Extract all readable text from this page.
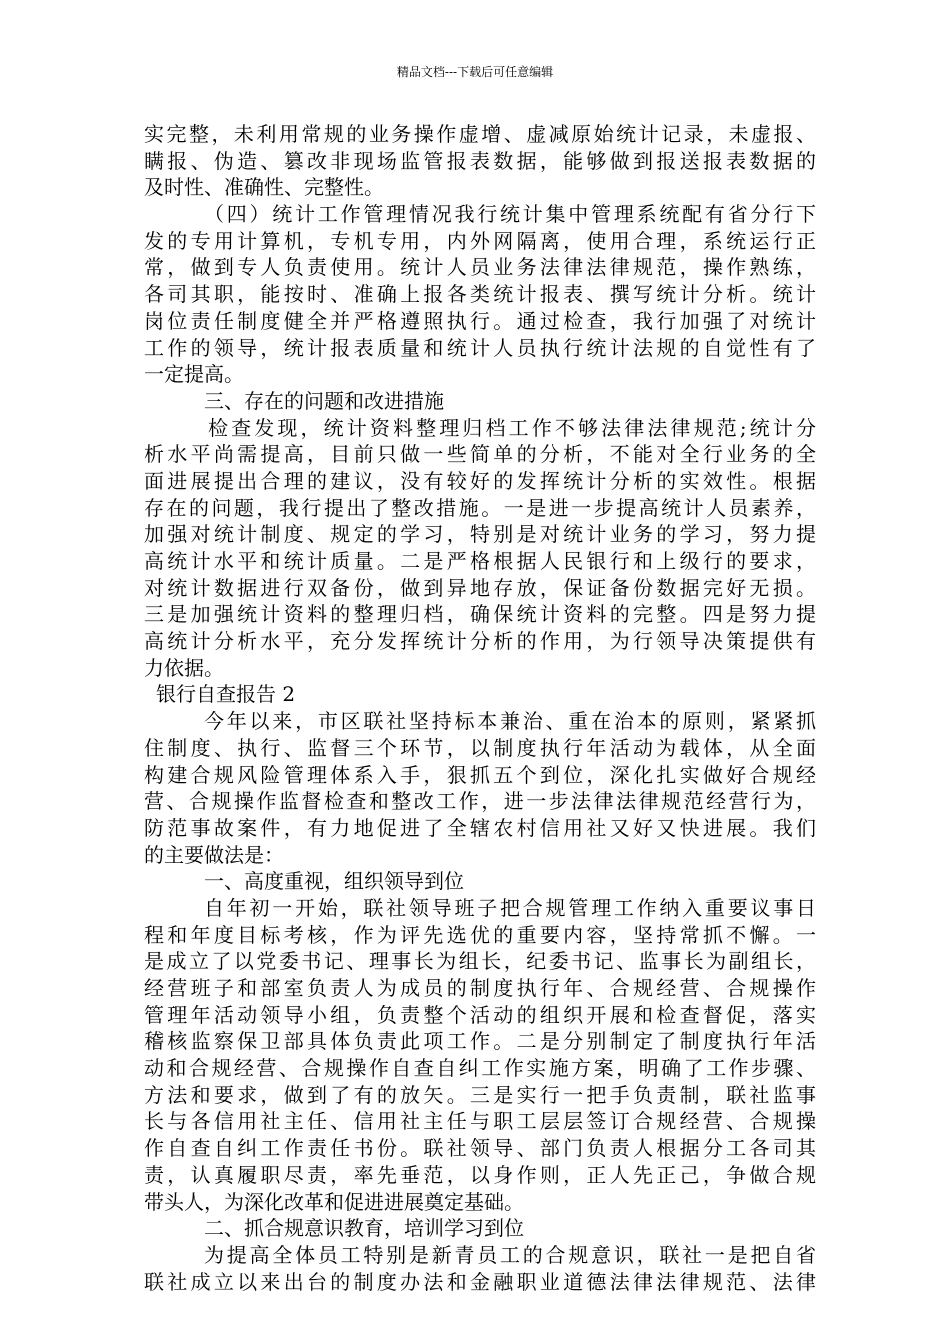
精品文档---下载后可任意编辑
实完整，未利用常规的业务操作虚增、虚减原始统计记录，未虚报、
瞒报、伪造、篡改非现场监管报表数据，能够做到报送报表数据的
及时性、准确性、完整性。
（四）统计工作管理情况我行统计集中管理系统配有省分行下
发的专用计算机，专机专用，内外网隔离，使用合理，系统运行正
常，做到专人负责使用。统计人员业务法律法律规范，操作熟练，
各司其职，能按时、准确上报各类统计报表、撰写统计分析。统计
岗位责任制度健全并严格遵照执行。通过检查，我行加强了对统计
工作的领导，统计报表质量和统计人员执行统计法规的自觉性有了
一定提高。
三、存在的问题和改进措施
检查发现，统计资料整理归档工作不够法律法律规范;统计分
析水平尚需提高，目前只做一些简单的分析，不能对全行业务的全
面进展提出合理的建议，没有较好的发挥统计分析的实效性。根据
存在的问题，我行提出了整改措施。一是进一步提高统计人员素养，
加强对统计制度、规定的学习，特别是对统计业务的学习，努力提
高统计水平和统计质量。二是严格根据人民银行和上级行的要求，
对统计数据进行双备份，做到异地存放，保证备份数据完好无损。
三是加强统计资料的整理归档，确保统计资料的完整。四是努力提
高统计分析水平，充分发挥统计分析的作用，为行领导决策提供有
力依据。
银行自查报告 2
今年以来，市区联社坚持标本兼治、重在治本的原则，紧紧抓
住制度、执行、监督三个环节，以制度执行年活动为载体，从全面
构建合规风险管理体系入手，狠抓五个到位，深化扎实做好合规经
营、合规操作监督检查和整改工作，进一步法律法律规范经营行为，
防范事故案件，有力地促进了全辖农村信用社又好又快进展。我们
的主要做法是：
一、高度重视，组织领导到位
自年初一开始，联社领导班子把合规管理工作纳入重要议事日
程和年度目标考核，作为评先选优的重要内容，坚持常抓不懈。一
是成立了以党委书记、理事长为组长，纪委书记、监事长为副组长，
经营班子和部室负责人为成员的制度执行年、合规经营、合规操作
管理年活动领导小组，负责整个活动的组织开展和检查督促，落实
稽核监察保卫部具体负责此项工作。二是分别制定了制度执行年活
动和合规经营、合规操作自查自纠工作实施方案，明确了工作步骤、
方法和要求，做到了有的放矢。三是实行一把手负责制，联社监事
长与各信用社主任、信用社主任与职工层层签订合规经营、合规操
作自查自纠工作责任书份。联社领导、部门负责人根据分工各司其
责，认真履职尽责，率先垂范，以身作则，正人先正己，争做合规
带头人，为深化改革和促进进展奠定基础。
二、抓合规意识教育，培训学习到位
为提高全体员工特别是新青员工的合规意识，联社一是把自省
联社成立以来出台的制度办法和金融职业道德法律法律规范、法律
